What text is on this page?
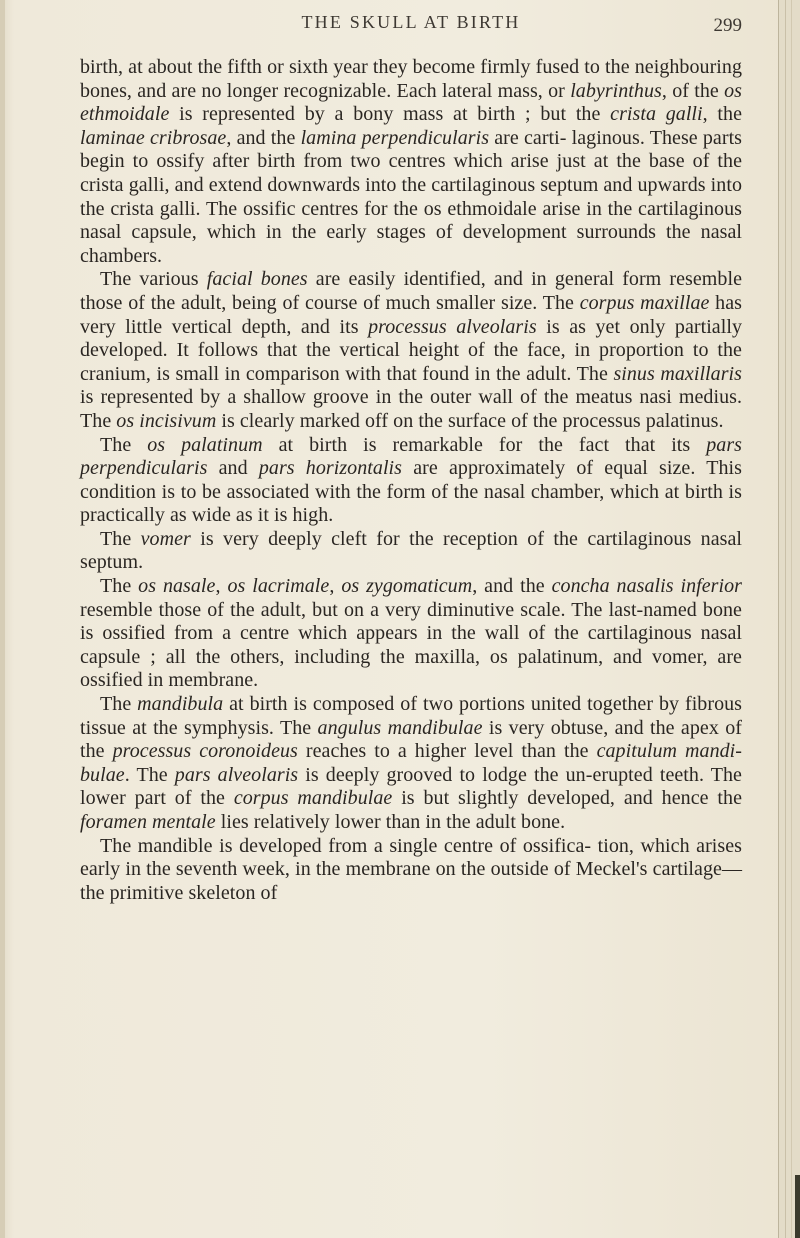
THE SKULL AT BIRTH	299

birth, at about the fifth or sixth year they become firmly fused to the neighbouring bones, and are no longer recognizable. Each lateral mass, or labyrinthus, of the os ethmoidale is represented by a bony mass at birth ; but the crista galli, the laminae cribrosae, and the lamina perpendicularis are carti- laginous. These parts begin to ossify after birth from two centres which arise just at the base of the crista galli, and extend downwards into the cartilaginous septum and upwards into the crista galli. The ossific centres for the os ethmoidale arise in the cartilaginous nasal capsule, which in the early stages of development surrounds the nasal chambers.

The various facial bones are easily identified, and in general form resemble those of the adult, being of course of much smaller size. The corpus maxillae has very little vertical depth, and its processus alveolaris is as yet only partially developed. It follows that the vertical height of the face, in proportion to the cranium, is small in comparison with that found in the adult. The sinus maxillaris is represented by a shallow groove in the outer wall of the meatus nasi medius. The os incisivum is clearly marked off on the surface of the processus palatinus.

The os palatinum at birth is remarkable for the fact that its pars perpendicularis and pars horizontalis are approximately of equal size. This condition is to be associated with the form of the nasal chamber, which at birth is practically as wide as it is high.

The vomer is very deeply cleft for the reception of the cartilaginous nasal septum.

The os nasale, os lacrimale, os zygomaticum, and the concha nasalis inferior resemble those of the adult, but on a very diminutive scale. The last-named bone is ossified from a centre which appears in the wall of the cartilaginous nasal capsule ; all the others, including the maxilla, os palatinum, and vomer, are ossified in membrane.

The mandibula at birth is composed of two portions united together by fibrous tissue at the symphysis. The angulus mandibulae is very obtuse, and the apex of the processus coronoideus reaches to a higher level than the capitulum mandi- bulae. The pars alveolaris is deeply grooved to lodge the un-erupted teeth. The lower part of the corpus mandibulae is but slightly developed, and hence the foramen mentale lies relatively lower than in the adult bone.

The mandible is developed from a single centre of ossifica- tion, which arises early in the seventh week, in the membrane on the outside of Meckel's cartilage—the primitive skeleton of
